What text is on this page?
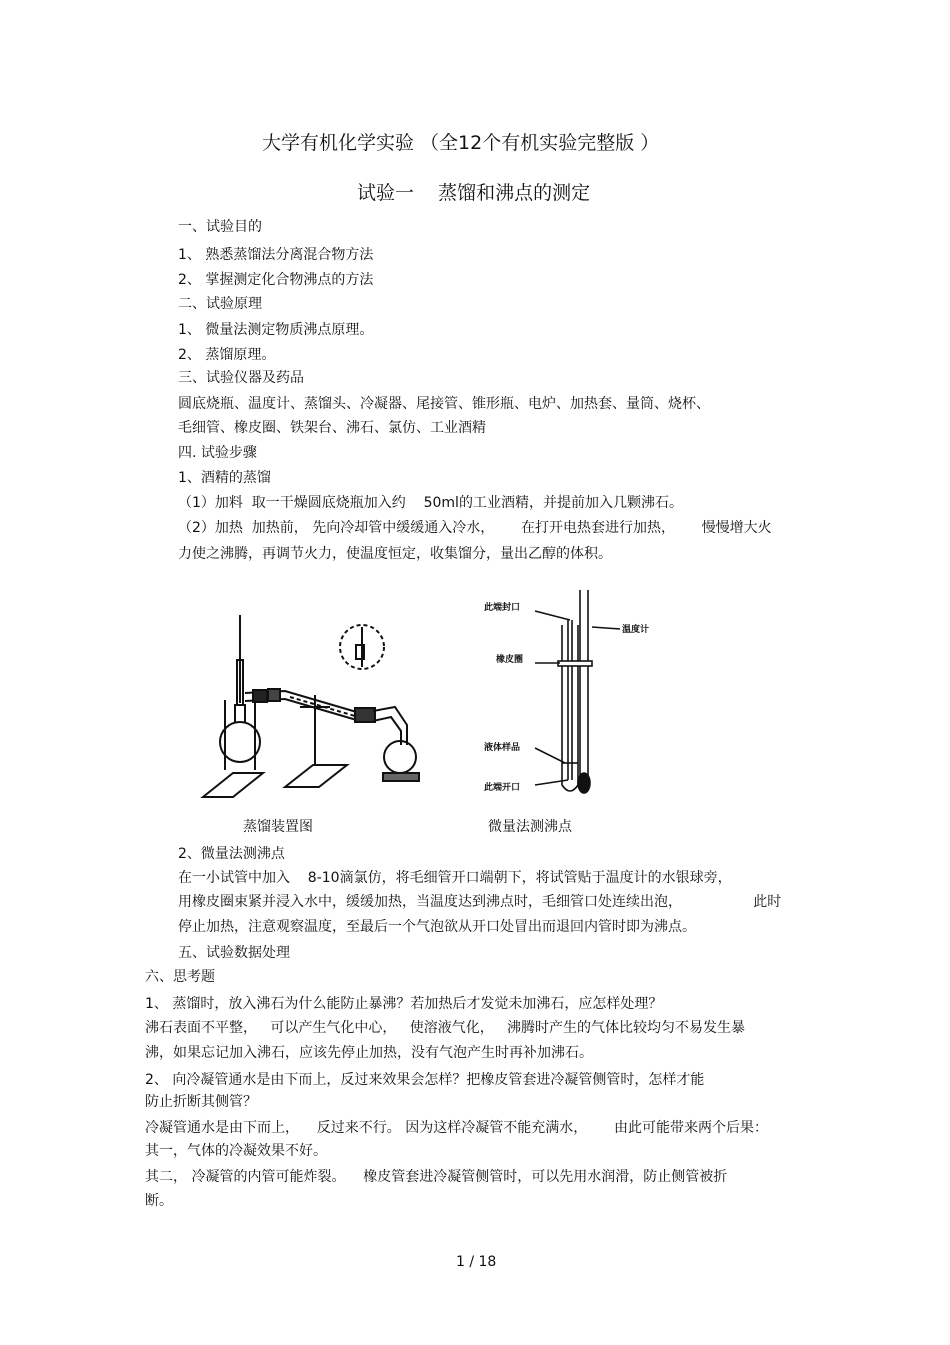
大学有机化学实验 （全12个有机实验完整版 ）
试验一    蒸馏和沸点的测定
一、试验目的
1、 熟悉蒸馏法分离混合物方法
2、 掌握测定化合物沸点的方法
二、试验原理
1、 微量法测定物质沸点原理。
2、 蒸馏原理。
三、试验仪器及药品
圆底烧瓶、温度计、蒸馏头、冷凝器、尾接管、锥形瓶、电炉、加热套、量筒、烧杯、
毛细管、橡皮圈、铁架台、沸石、氯仿、工业酒精
四. 试验步骤
1、酒精的蒸馏
（1）加料  取一干燥圆底烧瓶加入约    50ml的工业酒精，并提前加入几颗沸石。
（2）加热  加热前， 先向冷却管中缓缓通入冷水，      在打开电热套进行加热，      慢慢增大火
力使之沸腾，再调节火力，使温度恒定，收集馏分，量出乙醇的体积。
此端封口
温度计
橡皮圈
液体样品
此端开口
蒸馏装置图	微量法测沸点
2、微量法测沸点
在一小试管中加入    8-10滴氯仿，将毛细管开口端朝下，将试管贴于温度计的水银球旁，
用橡皮圈束紧并浸入水中，缓缓加热，当温度达到沸点时，毛细管口处连续出泡，                此时
停止加热，注意观察温度，至最后一个气泡欲从开口处冒出而退回内管时即为沸点。
五、试验数据处理
六、思考题
1、 蒸馏时，放入沸石为什么能防止暴沸？若加热后才发觉未加沸石，应怎样处理？
沸石表面不平整，   可以产生气化中心，   使溶液气化，   沸腾时产生的气体比较均匀不易发生暴
沸，如果忘记加入沸石，应该先停止加热，没有气泡产生时再补加沸石。
2、 向冷凝管通水是由下而上，反过来效果会怎样？把橡皮管套进冷凝管侧管时，怎样才能
防止折断其侧管？
冷凝管通水是由下而上，    反过来不行。 因为这样冷凝管不能充满水，      由此可能带来两个后果：
其一，气体的冷凝效果不好。
其二， 冷凝管的内管可能炸裂。    橡皮管套进冷凝管侧管时，可以先用水润滑，防止侧管被折
断。
1 / 18
